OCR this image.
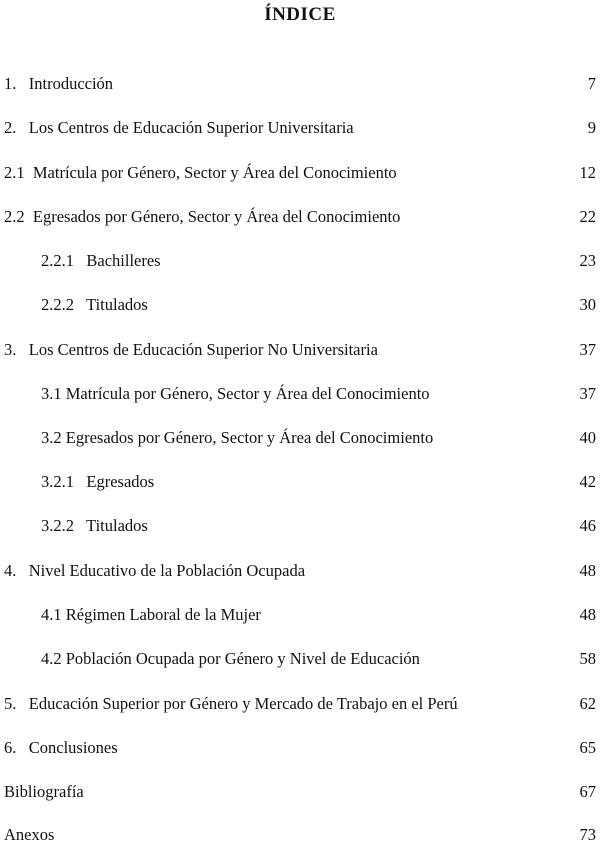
ÍNDICE
1.   Introducción	7
2.   Los Centros de Educación Superior Universitaria	9
2.1  Matrícula por Género, Sector y Área del Conocimiento	12
2.2  Egresados por Género, Sector y Área del Conocimiento	22
2.2.1   Bachilleres	23
2.2.2   Titulados	30
3.   Los Centros de Educación Superior No Universitaria	37
3.1 Matrícula por Género, Sector y Área del Conocimiento	37
3.2 Egresados por Género, Sector y Área del Conocimiento	40
3.2.1   Egresados	42
3.2.2   Titulados	46
4.   Nivel Educativo de la Población Ocupada	48
4.1 Régimen Laboral de la Mujer	48
4.2 Población Ocupada por Género y Nivel de Educación	58
5.   Educación Superior por Género y Mercado de Trabajo en el Perú	62
6.   Conclusiones	65
Bibliografía	67
Anexos	73
